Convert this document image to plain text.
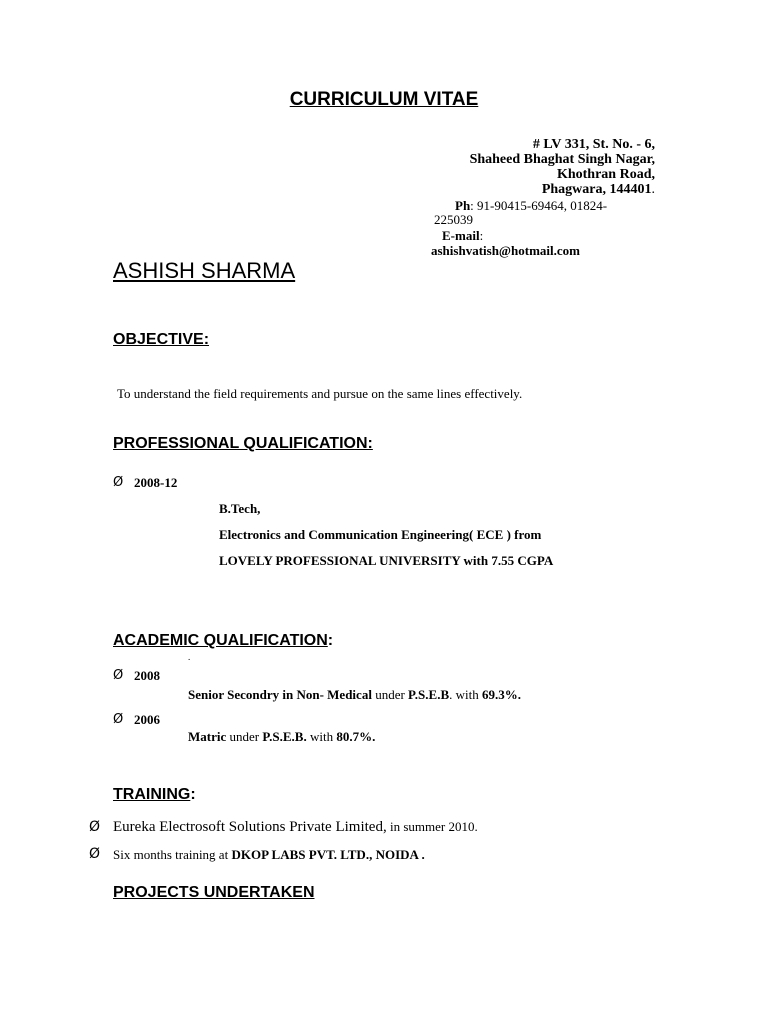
CURRICULUM VITAE
# LV 331, St. No. - 6,
Shaheed Bhaghat Singh Nagar,
Khothran Road,
Phagwara, 144401.
Ph: 91-90415-69464, 01824-
225039
E-mail:
ashishvatish@hotmail.com
ASHISH SHARMA
OBJECTIVE:
To understand the field requirements and pursue on the same lines effectively.
PROFESSIONAL QUALIFICATION:
Ø 2008-12
B.Tech,
Electronics and Communication Engineering( ECE ) from
LOVELY PROFESSIONAL UNIVERSITY with 7.55 CGPA
ACADEMIC QUALIFICATION:
.
Ø 2008
Senior Secondry in Non- Medical under P.S.E.B. with 69.3%.
Ø 2006
Matric under P.S.E.B. with 80.7%.
TRAINING:
Ø Eureka Electrosoft Solutions Private Limited, in summer 2010.
Ø Six months training at DKOP LABS PVT. LTD., NOIDA .
PROJECTS UNDERTAKEN
